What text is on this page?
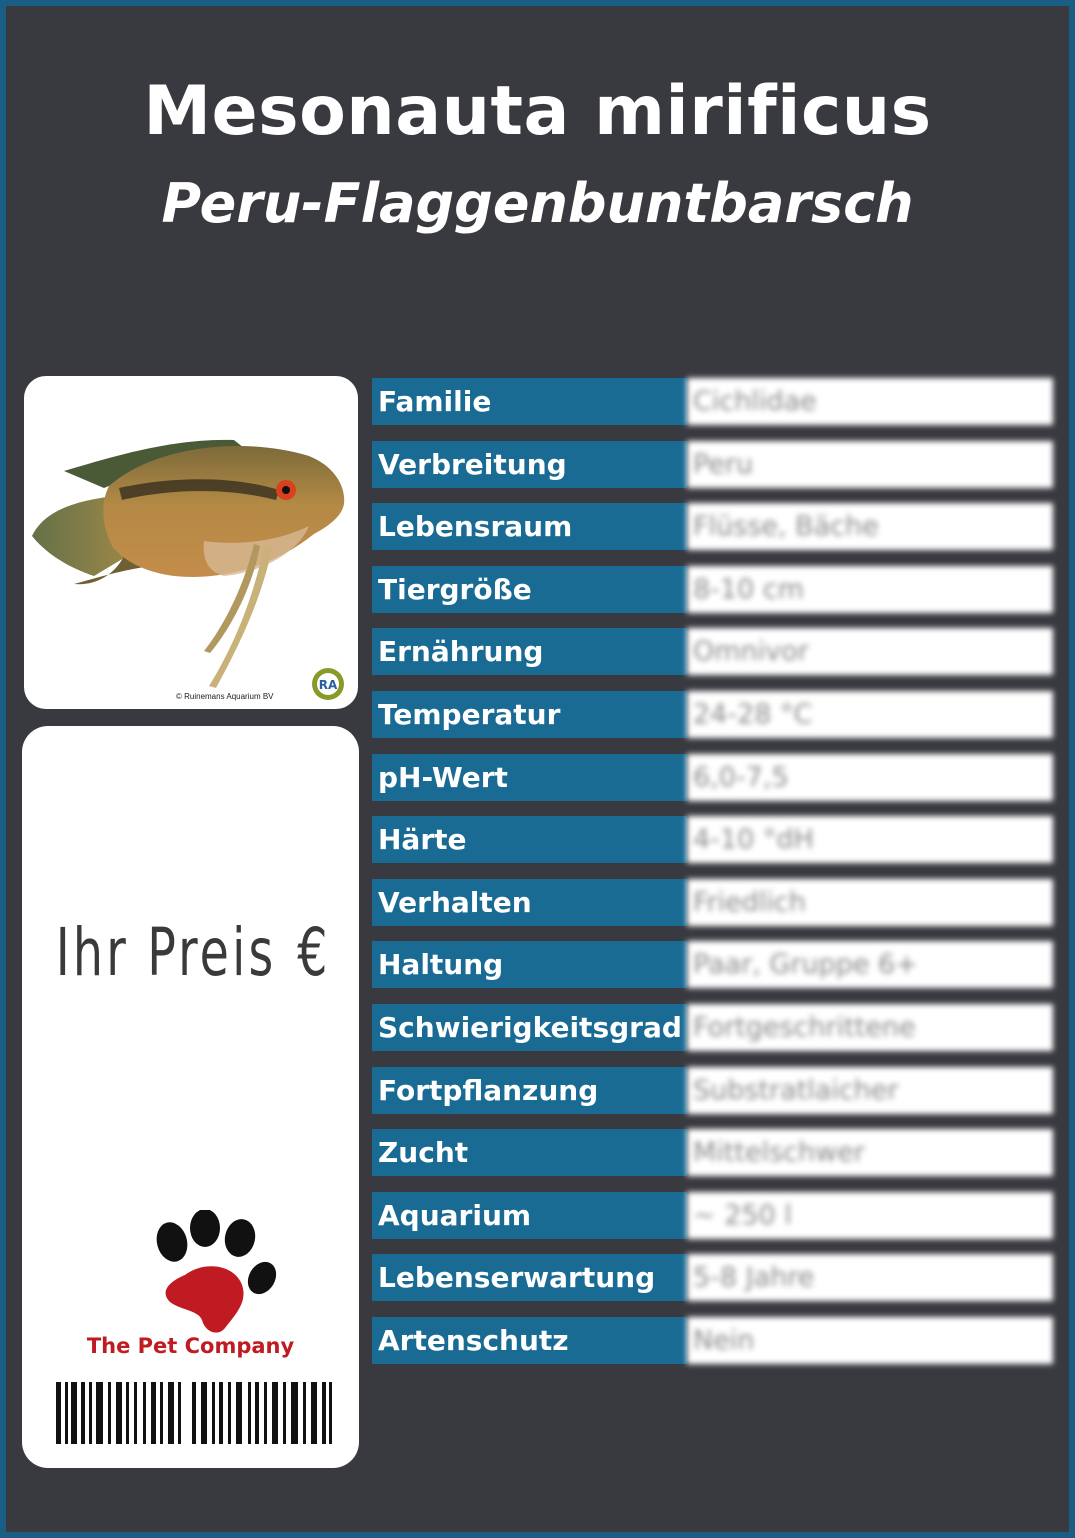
Mesonauta mirificus
Peru-Flaggenbuntbarsch
RA
© Ruinemans Aquarium BV
Ihr Preis €
The Pet Company
Familie	Cichlidae
Verbreitung	Peru
Lebensraum	Flüsse, Bäche
Tiergröße	8-10 cm
Ernährung	Omnivor
Temperatur	24-28 °C
pH-Wert	6,0-7,5
Härte	4-10 °dH
Verhalten	Friedlich
Haltung	Paar, Gruppe 6+
Schwierigkeitsgrad Fortgeschrittene
Fortpflanzung	Substratlaicher
Zucht	Mittelschwer
Aquarium	~ 250 l
Lebenserwartung	5-8 Jahre
Artenschutz	Nein
